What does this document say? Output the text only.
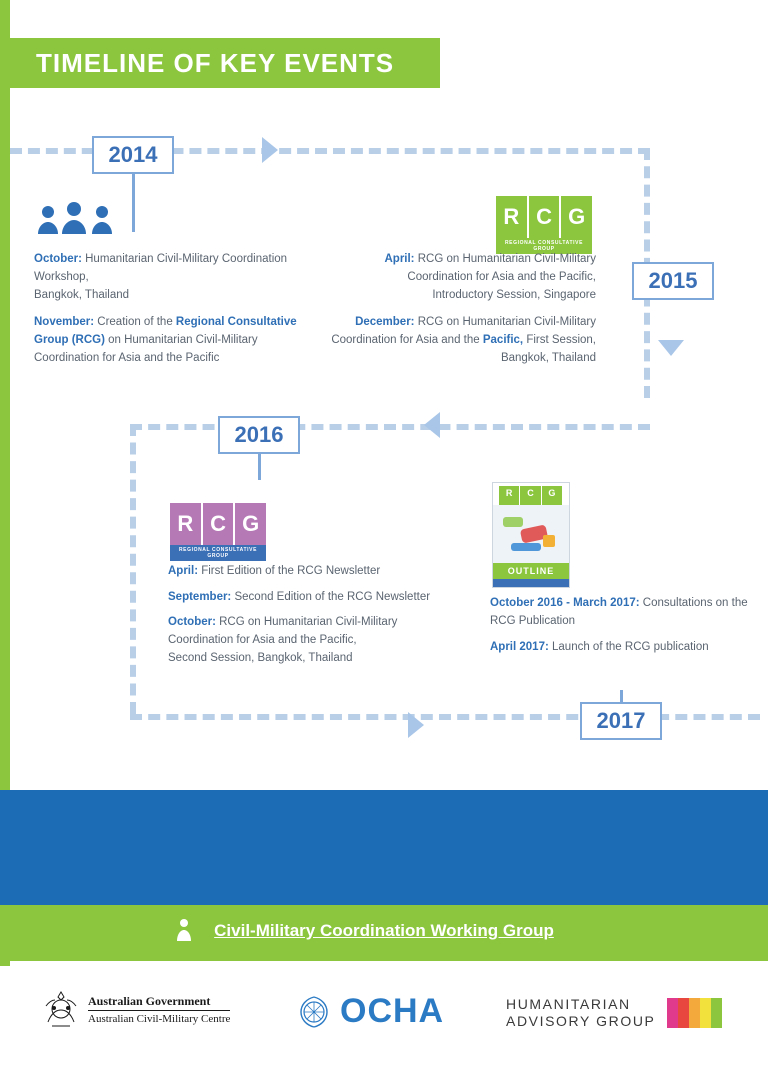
TIMELINE OF KEY EVENTS
2014
2015
2016
2017
October: Humanitarian Civil-Military Coordination Workshop,
Bangkok, Thailand
November: Creation of the Regional Consultative Group (RCG) on Humanitarian Civil-Military Coordination for Asia and the Pacific
R C G
REGIONAL CONSULTATIVE GROUP
April: RCG on Humanitarian Civil-Military Coordination for Asia and the Pacific,
Introductory Session, Singapore
December: RCG on Humanitarian Civil-Military Coordination for Asia and the Pacific, First Session, Bangkok, Thailand
R C G
REGIONAL CONSULTATIVE GROUP
April: First Edition of the RCG Newsletter
September: Second Edition of the RCG Newsletter
October: RCG on Humanitarian Civil-Military Coordination for Asia and the Pacific,
Second Session, Bangkok, Thailand
R	C	G
OUTLINE
October 2016 - March 2017: Consultations on the RCG Publication
April 2017: Launch of the RCG publication
Civil-Military Coordination Working Group
Australian Government
Australian Civil-Military Centre	OCHA	HUMANITARIAN
ADVISORY GROUP
